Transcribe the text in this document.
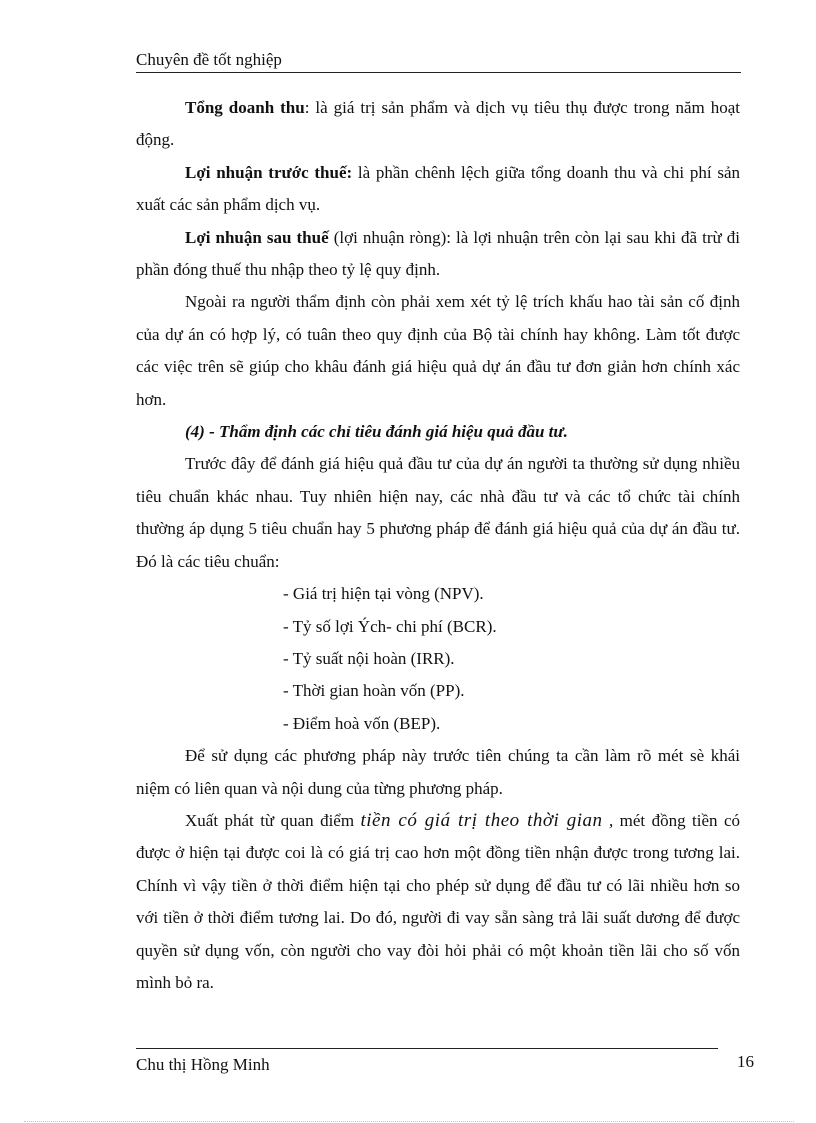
Chuyên đề tốt nghiệp

Tổng doanh thu: là giá trị sản phẩm và dịch vụ tiêu thụ được trong năm hoạt động.

Lợi nhuận trước thuế: là phần chênh lệch giữa tổng doanh thu và chi phí sản xuất các sản phẩm dịch vụ.

Lợi nhuận sau thuế (lợi nhuận ròng): là lợi nhuận trên còn lại sau khi đã trừ đi phần đóng thuế thu nhập theo tỷ lệ quy định.

Ngoài ra người thẩm định còn phải xem xét tỷ lệ trích khấu hao tài sản cố định của dự án có hợp lý, có tuân theo quy định của Bộ tài chính hay không. Làm tốt được các việc trên sẽ giúp cho khâu đánh giá hiệu quả dự án đầu tư đơn giản hơn chính xác hơn.

(4) - Thẩm định các chỉ tiêu đánh giá hiệu quả đầu tư.

Trước đây để đánh giá hiệu quả đầu tư của dự án người ta thường sử dụng nhiều tiêu chuẩn khác nhau. Tuy nhiên hiện nay, các nhà đầu tư và các tổ chức tài chính thường áp dụng 5 tiêu chuẩn hay 5 phương pháp để đánh giá hiệu quả của dự án đầu tư. Đó là các tiêu chuẩn:

- Giá trị hiện tại vòng (NPV).
- Tỷ số lợi Ých- chi phí (BCR).
- Tỷ suất nội hoàn (IRR).
- Thời gian hoàn vốn (PP).
- Điểm hoà vốn (BEP).

Để sử dụng các phương pháp này trước tiên chúng ta cần làm rõ mét sè khái niệm có liên quan và nội dung của từng phương pháp.

Xuất phát từ quan điểm tiền có giá trị theo thời gian , mét đồng tiền có được ở hiện tại được coi là có giá trị cao hơn một đồng tiền nhận được trong tương lai. Chính vì vậy tiền ở thời điểm hiện tại cho phép sử dụng để đầu tư có lãi nhiều hơn so với tiền ở thời điểm tương lai. Do đó, người đi vay sẵn sàng trả lãi suất dương để được quyền sử dụng vốn, còn người cho vay đòi hỏi phải có một khoản tiền lãi cho số vốn mình bỏ ra.

Chu thị Hồng Minh	16
